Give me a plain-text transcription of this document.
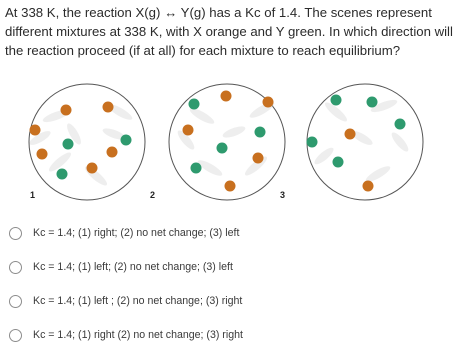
At 338 K, the reaction X(g) ↔ Y(g) has a Kc of 1.4. The scenes represent different mixtures at 338 K, with X orange and Y green. In which direction will the reaction proceed (if at all) for each mixture to reach equilibrium?
1	2	3
Kc = 1.4; (1) right; (2) no net change; (3) left
Kc = 1.4; (1) left; (2) no net change; (3) left
Kc = 1.4; (1) left ; (2) no net change; (3) right
Kc = 1.4; (1) right (2) no net change; (3) right
